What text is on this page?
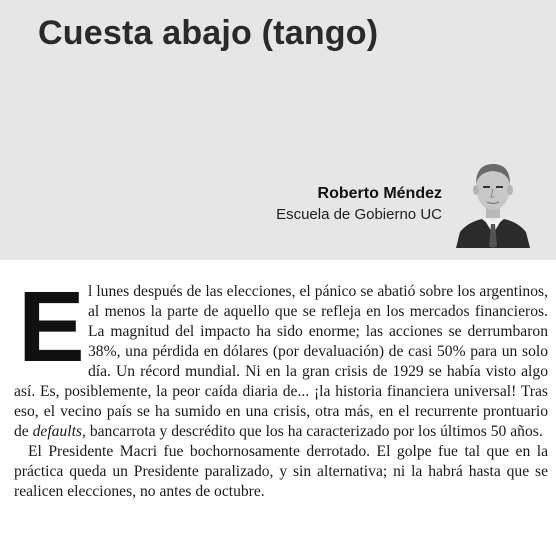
Cuesta abajo (tango)
Roberto Méndez
Escuela de Gobierno UC

El lunes después de las elecciones, el pánico se abatió sobre los argentinos, al menos la parte de aquello que se refleja en los mercados financieros. La magnitud del impacto ha sido enorme; las acciones se derrumbaron 38%, una pérdida en dólares (por devaluación) de casi 50% para un solo día. Un récord mundial. Ni en la gran crisis de 1929 se había visto algo así. Es, posiblemente, la peor caída diaria de... ¡la historia financiera universal! Tras eso, el vecino país se ha sumido en una crisis, otra más, en el recurrente prontuario de defaults, bancarrota y descrédito que los ha caracterizado por los últimos 50 años.

El Presidente Macri fue bochornosamente derrotado. El golpe fue tal que en la práctica queda un Presidente paralizado, y sin alternativa; ni la habrá hasta que se realicen elecciones, no antes de octubre.
